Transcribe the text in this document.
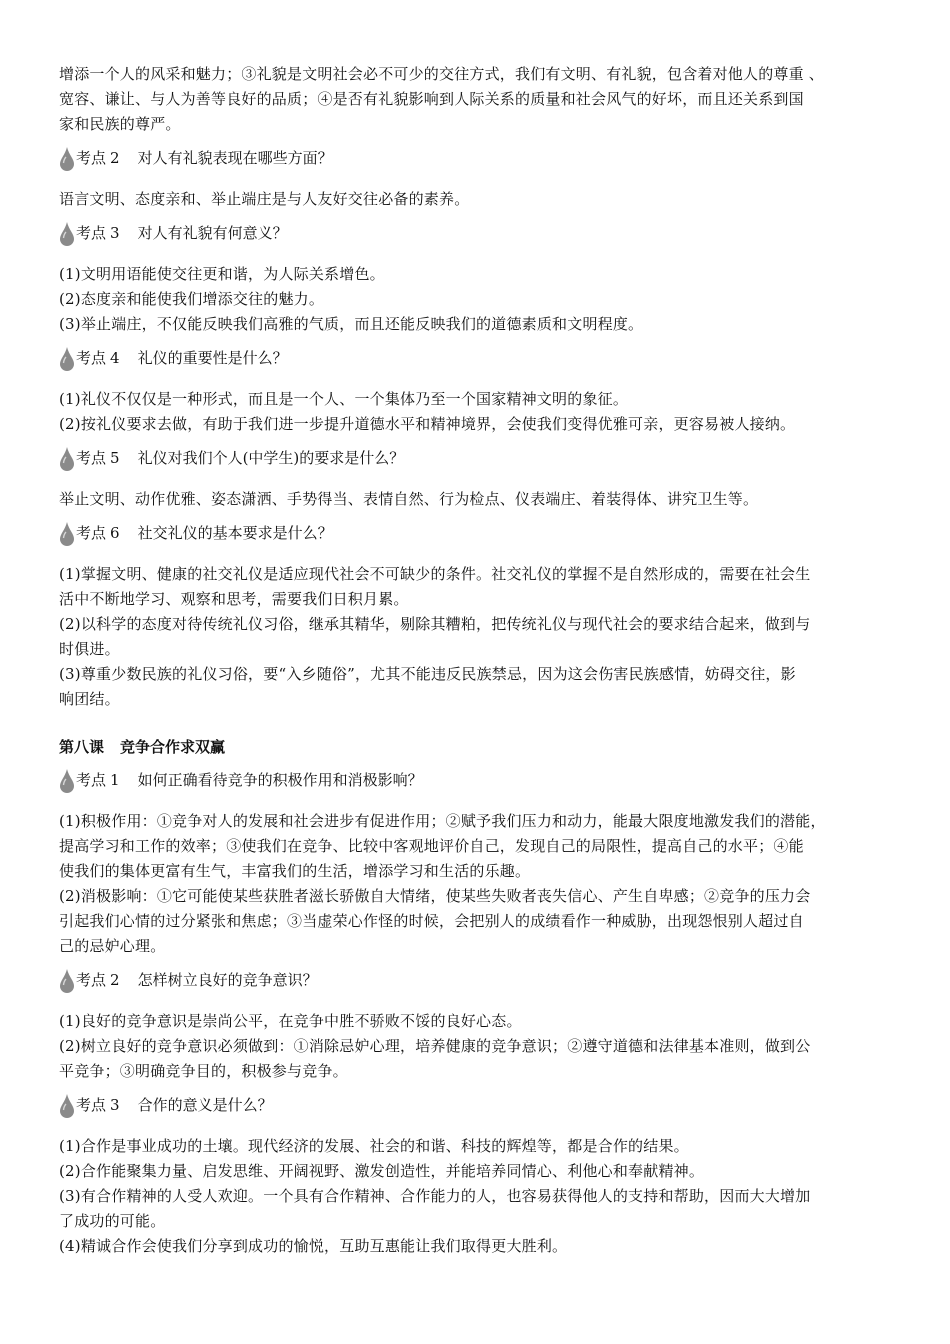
增添一个人的风采和魅力；③礼貌是文明社会必不可少的交往方式，我们有文明、有礼貌，包含着对他人的尊重 、
宽容、谦让、与人为善等良好的品质；④是否有礼貌影响到人际关系的质量和社会风气的好坏，而且还关系到国
家和民族的尊严。
考点 2 对人有礼貌表现在哪些方面？
语言文明、态度亲和、举止端庄是与人友好交往必备的素养。
考点 3 对人有礼貌有何意义？
(1)文明用语能使交往更和谐，为人际关系增色。
(2)态度亲和能使我们增添交往的魅力。
(3)举止端庄，不仅能反映我们高雅的气质，而且还能反映我们的道德素质和文明程度。
考点 4 礼仪的重要性是什么？
(1)礼仪不仅仅是一种形式，而且是一个人、一个集体乃至一个国家精神文明的象征。
(2)按礼仪要求去做，有助于我们进一步提升道德水平和精神境界，会使我们变得优雅可亲，更容易被人接纳。
考点 5 礼仪对我们个人(中学生)的要求是什么？
举止文明、动作优雅、姿态潇洒、手势得当、表情自然、行为检点、仪表端庄、着装得体、讲究卫生等。
考点 6 社交礼仪的基本要求是什么？
(1)掌握文明、健康的社交礼仪是适应现代社会不可缺少的条件。社交礼仪的掌握不是自然形成的，需要在社会生
活中不断地学习、观察和思考，需要我们日积月累。
(2)以科学的态度对待传统礼仪习俗，继承其精华，剔除其糟粕，把传统礼仪与现代社会的要求结合起来，做到与
时俱进。
(3)尊重少数民族的礼仪习俗，要“入乡随俗”，尤其不能违反民族禁忌，因为这会伤害民族感情，妨碍交往，影
响团结。
第八课 竞争合作求双赢
考点 1 如何正确看待竞争的积极作用和消极影响？
(1)积极作用：①竞争对人的发展和社会进步有促进作用；②赋予我们压力和动力，能最大限度地激发我们的潜能，
提高学习和工作的效率；③使我们在竞争、比较中客观地评价自己，发现自己的局限性，提高自己的水平；④能
使我们的集体更富有生气，丰富我们的生活，增添学习和生活的乐趣。
(2)消极影响：①它可能使某些获胜者滋长骄傲自大情绪，使某些失败者丧失信心、产生自卑感；②竞争的压力会
引起我们心情的过分紧张和焦虑；③当虚荣心作怪的时候，会把别人的成绩看作一种威胁，出现怨恨别人超过自
己的忌妒心理。
考点 2 怎样树立良好的竞争意识？
(1)良好的竞争意识是崇尚公平，在竞争中胜不骄败不馁的良好心态。
(2)树立良好的竞争意识必须做到：①消除忌妒心理，培养健康的竞争意识；②遵守道德和法律基本准则，做到公
平竞争；③明确竞争目的，积极参与竞争。
考点 3 合作的意义是什么？
(1)合作是事业成功的土壤。现代经济的发展、社会的和谐、科技的辉煌等，都是合作的结果。
(2)合作能聚集力量、启发思维、开阔视野、激发创造性，并能培养同情心、利他心和奉献精神。
(3)有合作精神的人受人欢迎。一个具有合作精神、合作能力的人，也容易获得他人的支持和帮助，因而大大增加
了成功的可能。
(4)精诚合作会使我们分享到成功的愉悦，互助互惠能让我们取得更大胜利。
